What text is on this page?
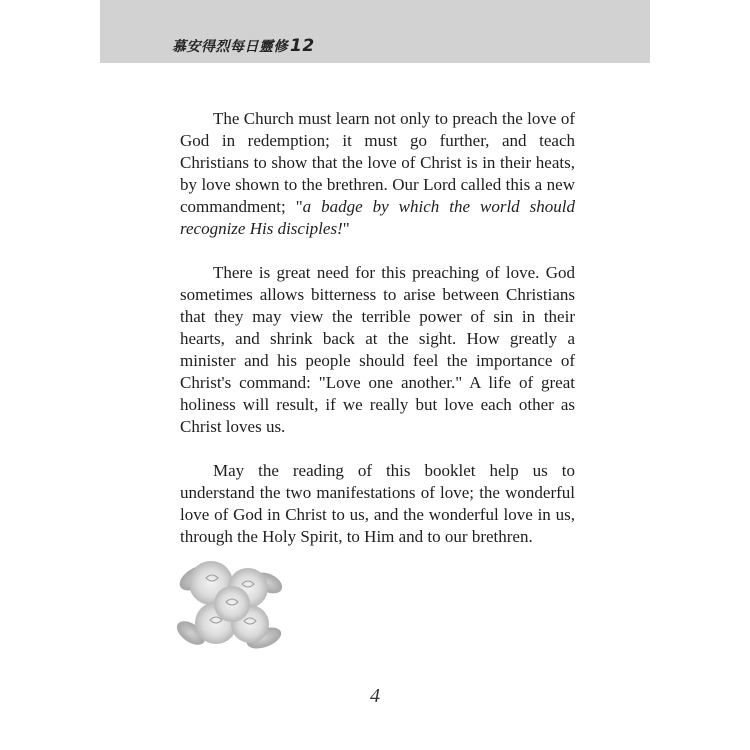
慕安得烈每日靈修 12

The Church must learn not only to preach the love of God in redemption; it must go further, and teach Christians to show that the love of Christ is in their heats, by love shown to the brethren. Our Lord called this a new commandment; "a badge by which the world should recognize His disciples!"

There is great need for this preaching of love. God sometimes allows bitterness to arise between Christians that they may view the terrible power of sin in their hearts, and shrink back at the sight. How greatly a minister and his people should feel the importance of Christ's command: "Love one another." A life of great holiness will result, if we really but love each other as Christ loves us.

May the reading of this booklet help us to understand the two manifestations of love; the wonderful love of God in Christ to us, and the wonderful love in us, through the Holy Spirit, to Him and to our brethren.

4
